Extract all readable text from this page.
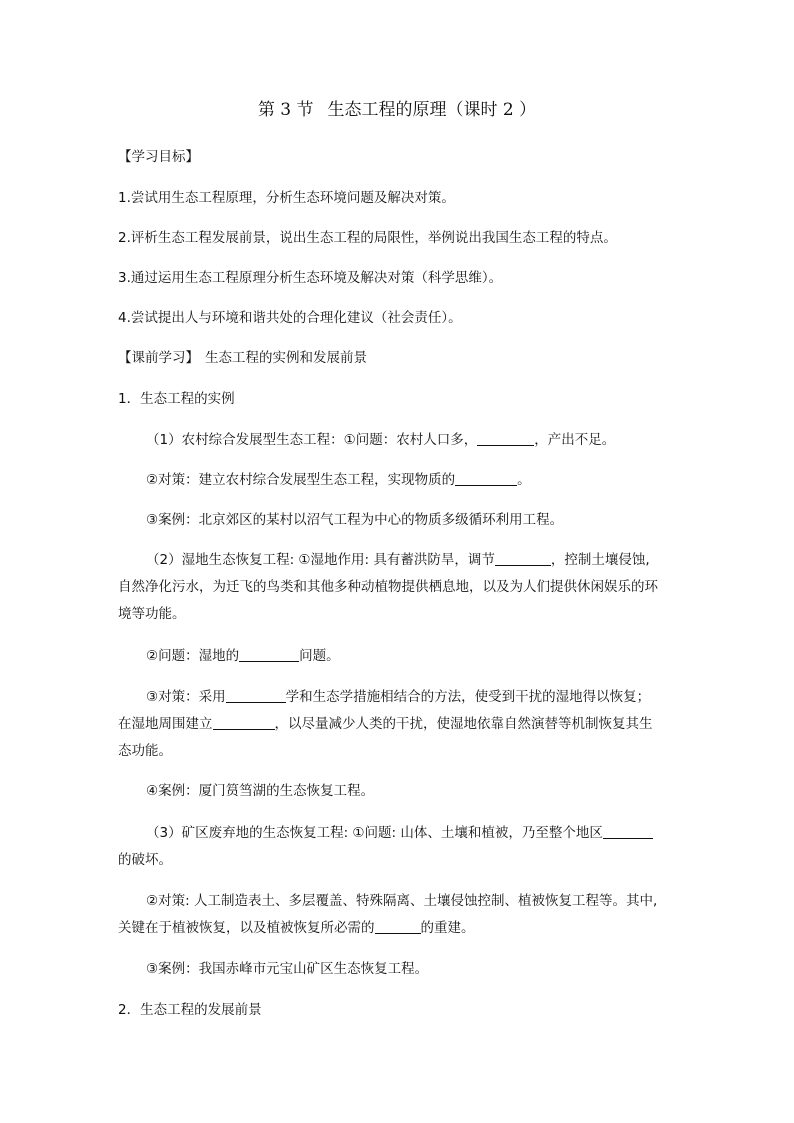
第 3 节 生态工程的原理（课时 2 ）
【学习目标】
1.尝试用生态工程原理，分析生态环境问题及解决对策。
2.评析生态工程发展前景，说出生态工程的局限性，举例说出我国生态工程的特点。
3.通过运用生态工程原理分析生态环境及解决对策（科学思维）。
4.尝试提出人与环境和谐共处的合理化建议（社会责任）。
【课前学习】 生态工程的实例和发展前景
1．生态工程的实例
（1）农村综合发展型生态工程：①问题：农村人口多，	，产出不足。
②对策：建立农村综合发展型生态工程，实现物质的	。
③案例：北京郊区的某村以沼气工程为中心的物质多级循环利用工程。
（2）湿地生态恢复工程: ①湿地作用: 具有蓄洪防旱，调节	，控制土壤侵蚀,
自然净化污水，为迁飞的鸟类和其他多种动植物提供栖息地，以及为人们提供休闲娱乐的环
境等功能。
②问题：湿地的	问题。
③对策：采用	学和生态学措施相结合的方法，使受到干扰的湿地得以恢复；
在湿地周围建立	，以尽量减少人类的干扰，使湿地依靠自然演替等机制恢复其生
态功能。
④案例：厦门筼筜湖的生态恢复工程。
（3）矿区废弃地的生态恢复工程: ①问题: 山体、土壤和植被，乃至整个地区
的破坏。
②对策: 人工制造表土、多层覆盖、特殊隔离、土壤侵蚀控制、植被恢复工程等。其中,
关键在于植被恢复，以及植被恢复所必需的	的重建。
③案例：我国赤峰市元宝山矿区生态恢复工程。
2．生态工程的发展前景
